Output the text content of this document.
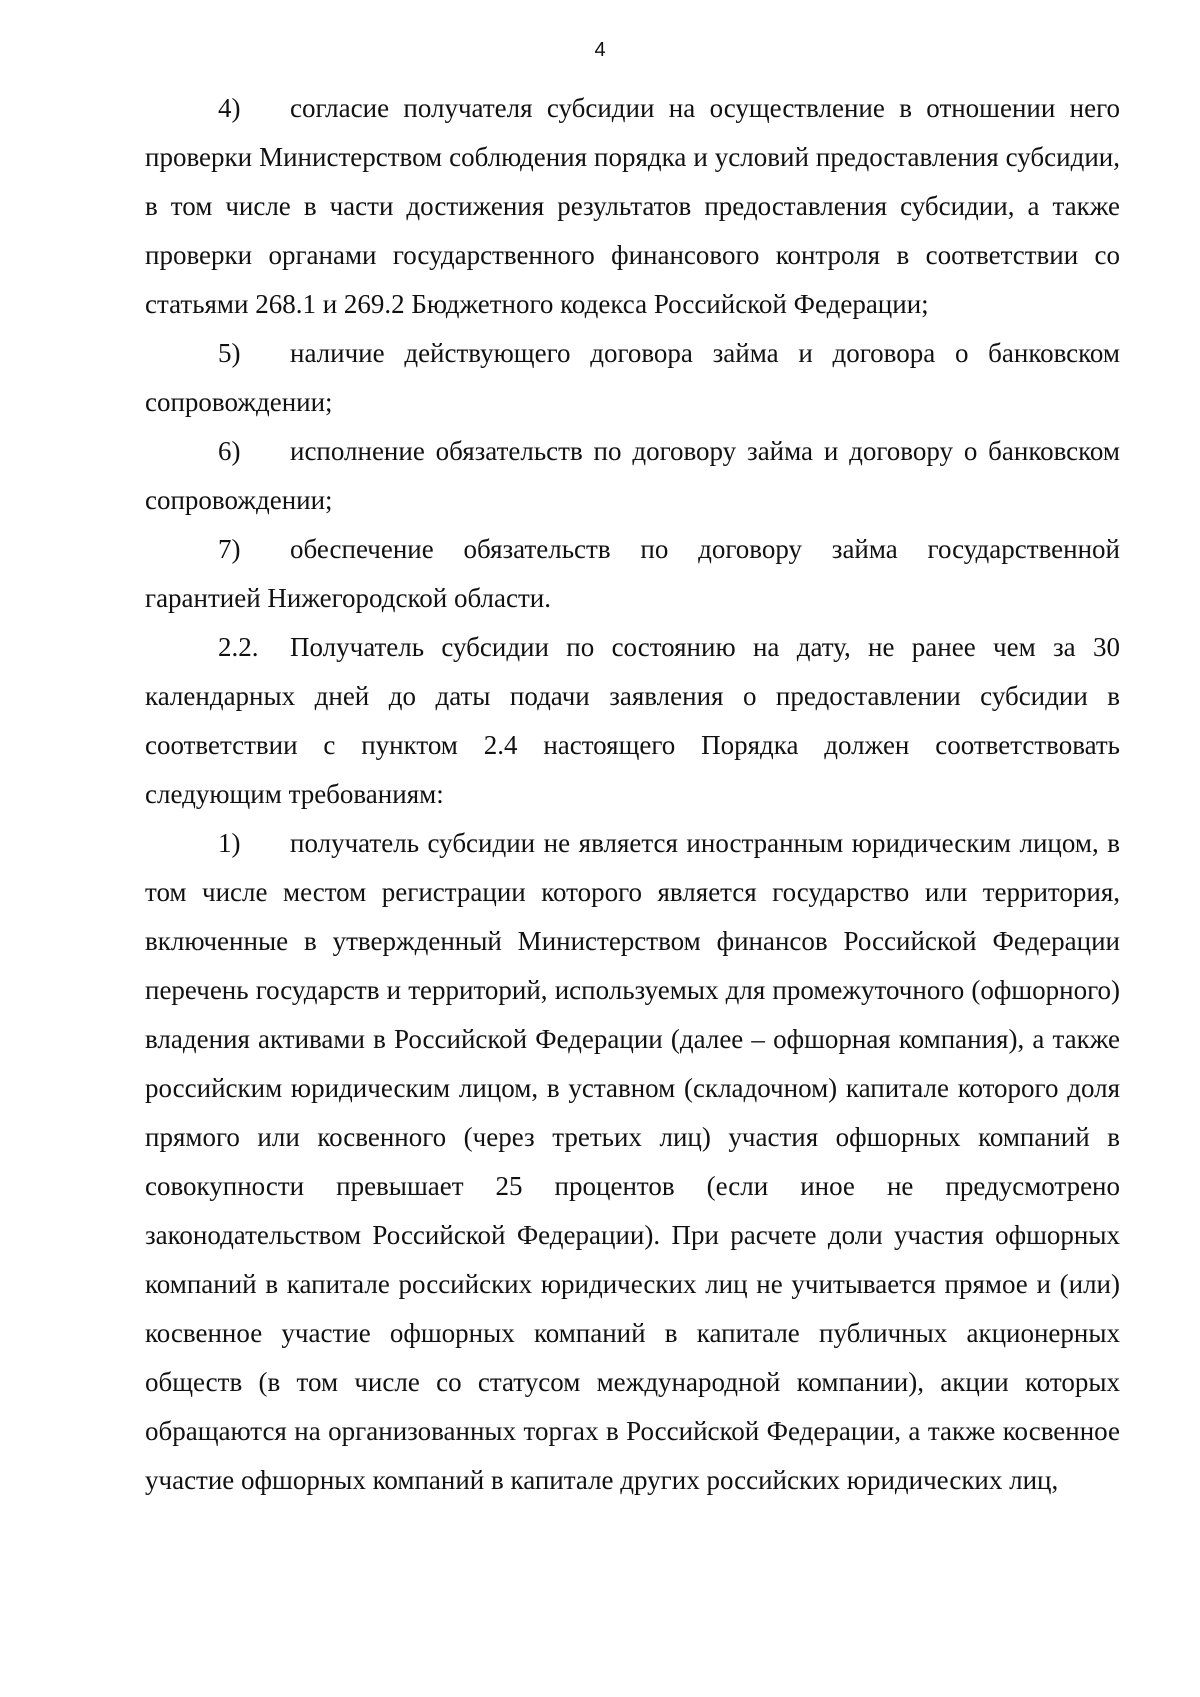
4

4) согласие получателя субсидии на осуществление в отношении него проверки Министерством соблюдения порядка и условий предоставления субсидии, в том числе в части достижения результатов предоставления субсидии, а также проверки органами государственного финансового контроля в соответствии со статьями 268.1 и 269.2 Бюджетного кодекса Российской Федерации;

5) наличие действующего договора займа и договора о банковском сопровождении;

6) исполнение обязательств по договору займа и договору о банковском сопровождении;

7) обеспечение обязательств по договору займа государственной гарантией Нижегородской области.

2.2. Получатель субсидии по состоянию на дату, не ранее чем за 30 календарных дней до даты подачи заявления о предоставлении субсидии в соответствии с пунктом 2.4 настоящего Порядка должен соответствовать следующим требованиям:

1) получатель субсидии не является иностранным юридическим лицом, в том числе местом регистрации которого является государство или территория, включенные в утвержденный Министерством финансов Российской Федерации перечень государств и территорий, используемых для промежуточного (офшорного) владения активами в Российской Федерации (далее – офшорная компания), а также российским юридическим лицом, в уставном (складочном) капитале которого доля прямого или косвенного (через третьих лиц) участия офшорных компаний в совокупности превышает 25 процентов (если иное не предусмотрено законодательством Российской Федерации). При расчете доли участия офшорных компаний в капитале российских юридических лиц не учитывается прямое и (или) косвенное участие офшорных компаний в капитале публичных акционерных обществ (в том числе со статусом международной компании), акции которых обращаются на организованных торгах в Российской Федерации, а также косвенное участие офшорных компаний в капитале других российских юридических лиц,
